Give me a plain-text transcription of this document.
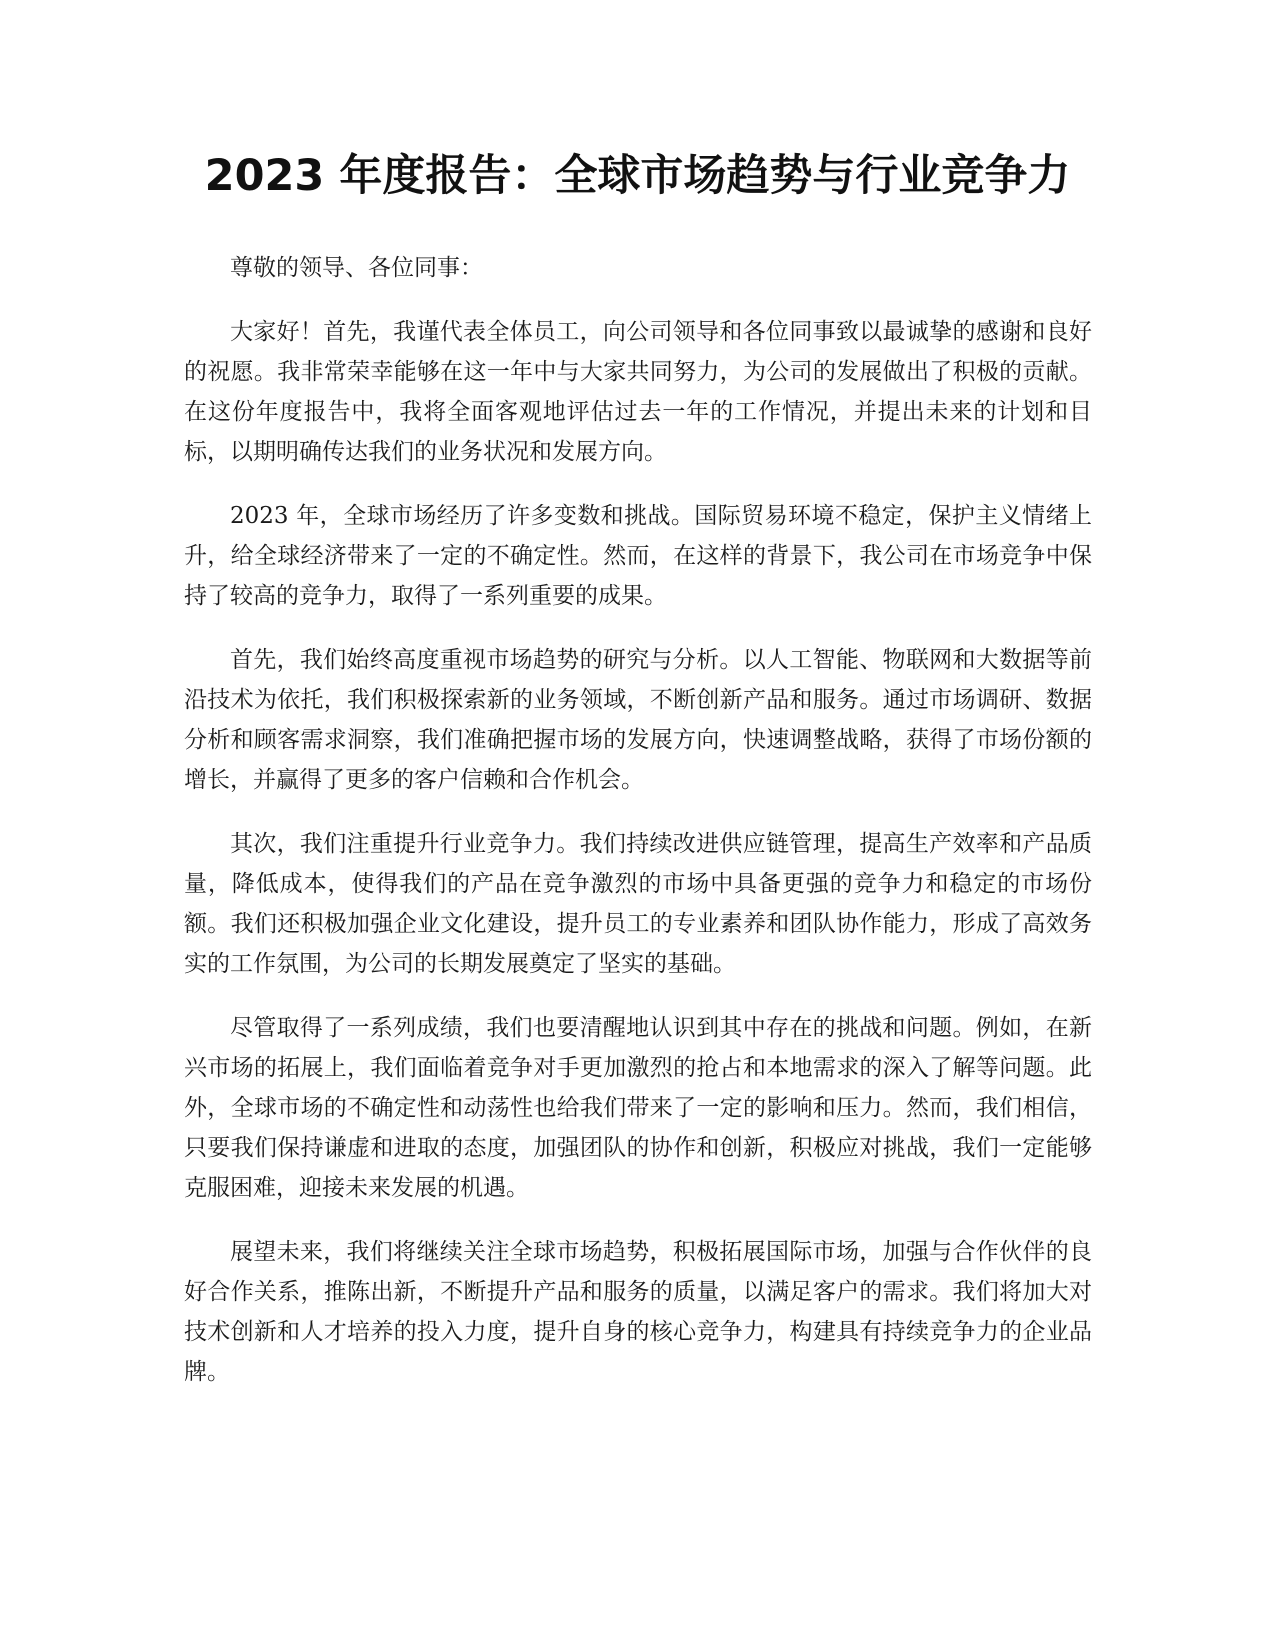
2023 年度报告：全球市场趋势与行业竞争力

尊敬的领导、各位同事：

大家好！首先，我谨代表全体员工，向公司领导和各位同事致以最诚挚的感谢和良好的祝愿。我非常荣幸能够在这一年中与大家共同努力，为公司的发展做出了积极的贡献。在这份年度报告中，我将全面客观地评估过去一年的工作情况，并提出未来的计划和目标，以期明确传达我们的业务状况和发展方向。

2023 年，全球市场经历了许多变数和挑战。国际贸易环境不稳定，保护主义情绪上升，给全球经济带来了一定的不确定性。然而，在这样的背景下，我公司在市场竞争中保持了较高的竞争力，取得了一系列重要的成果。

首先，我们始终高度重视市场趋势的研究与分析。以人工智能、物联网和大数据等前沿技术为依托，我们积极探索新的业务领域，不断创新产品和服务。通过市场调研、数据分析和顾客需求洞察，我们准确把握市场的发展方向，快速调整战略，获得了市场份额的增长，并赢得了更多的客户信赖和合作机会。

其次，我们注重提升行业竞争力。我们持续改进供应链管理，提高生产效率和产品质量，降低成本，使得我们的产品在竞争激烈的市场中具备更强的竞争力和稳定的市场份额。我们还积极加强企业文化建设，提升员工的专业素养和团队协作能力，形成了高效务实的工作氛围，为公司的长期发展奠定了坚实的基础。

尽管取得了一系列成绩，我们也要清醒地认识到其中存在的挑战和问题。例如，在新兴市场的拓展上，我们面临着竞争对手更加激烈的抢占和本地需求的深入了解等问题。此外，全球市场的不确定性和动荡性也给我们带来了一定的影响和压力。然而，我们相信，只要我们保持谦虚和进取的态度，加强团队的协作和创新，积极应对挑战，我们一定能够克服困难，迎接未来发展的机遇。

展望未来，我们将继续关注全球市场趋势，积极拓展国际市场，加强与合作伙伴的良好合作关系，推陈出新，不断提升产品和服务的质量，以满足客户的需求。我们将加大对技术创新和人才培养的投入力度，提升自身的核心竞争力，构建具有持续竞争力的企业品牌。
